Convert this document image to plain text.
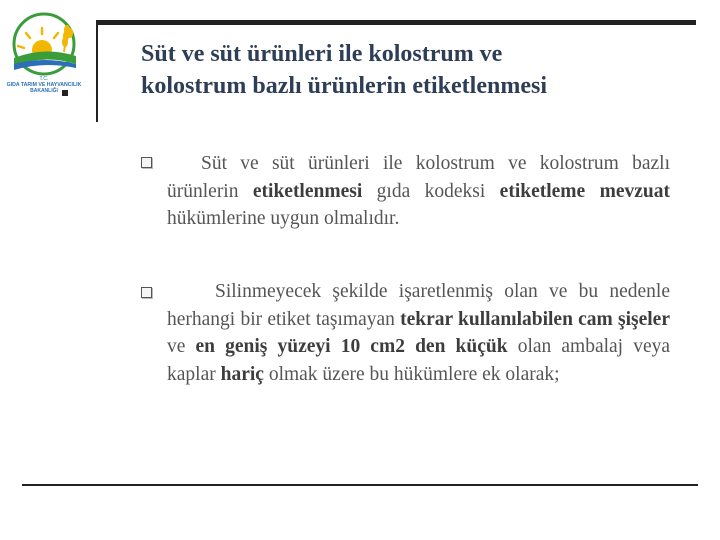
T.C.
GIDA TARIM VE HAYVANCILIK
BAKANLIĞI
Süt ve süt ürünleri ile kolostrum ve
kolostrum bazlı ürünlerin etiketlenmesi
Süt ve süt ürünleri ile kolostrum ve kolostrum bazlı ürünlerin etiketlenmesi gıda kodeksi etiketleme mevzuat hükümlerine uygun olmalıdır.
Silinmeyecek şekilde işaretlenmiş olan ve bu nedenle herhangi bir etiket taşımayan tekrar kullanılabilen cam şişeler ve en geniş yüzeyi 10 cm2 den küçük olan ambalaj veya kaplar hariç olmak üzere bu hükümlere ek olarak;
